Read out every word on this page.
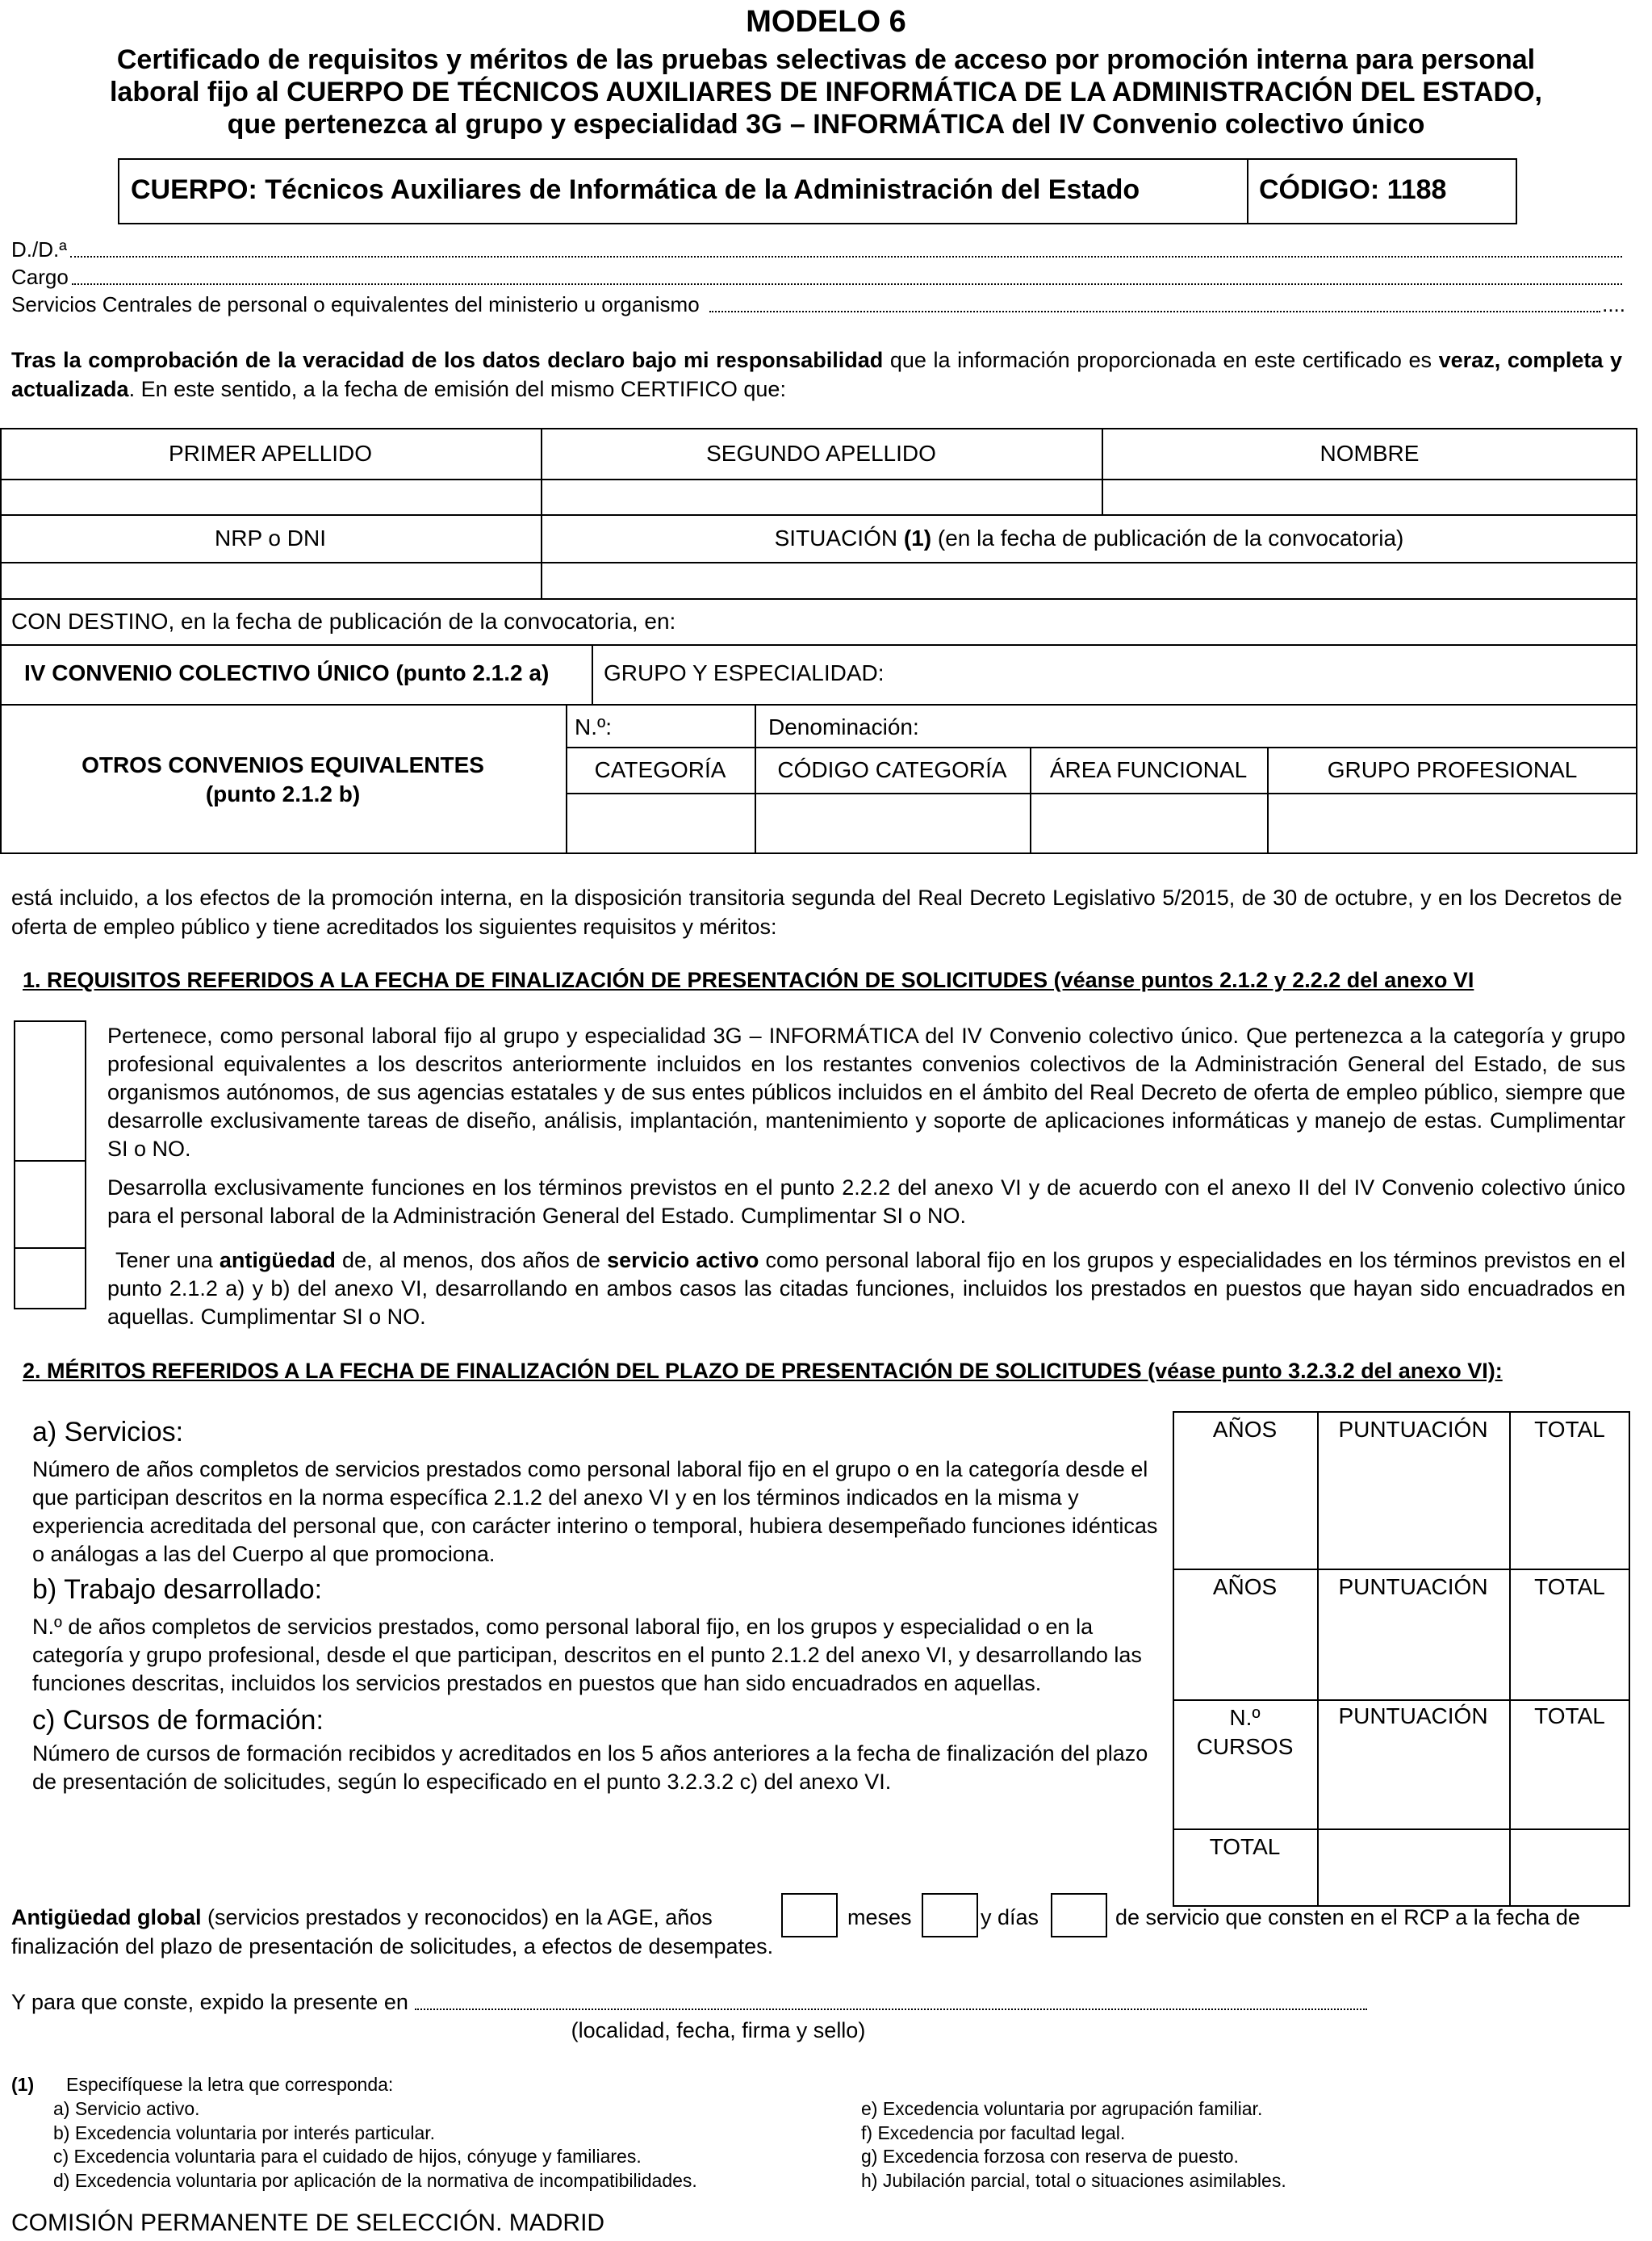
MODELO 6
Certificado de requisitos y méritos de las pruebas selectivas de acceso por promoción interna para personal
laboral fijo al CUERPO DE TÉCNICOS AUXILIARES DE INFORMÁTICA DE LA ADMINISTRACIÓN DEL ESTADO,
que pertenezca al grupo y especialidad 3G – INFORMÁTICA del IV Convenio colectivo único
CUERPO: Técnicos Auxiliares de Informática de la Administración del Estado	CÓDIGO: 1188
D./D.ª
Cargo
Servicios Centrales de personal o equivalentes del ministerio u organismo	....
Tras la comprobación de la veracidad de los datos declaro bajo mi responsabilidad que la información proporcionada en este certificado es veraz, completa y actualizada. En este sentido, a la fecha de emisión del mismo CERTIFICO que:
PRIMER APELLIDO	SEGUNDO APELLIDO	NOMBRE
NRP o DNI	SITUACIÓN (1) (en la fecha de publicación de la convocatoria)
CON DESTINO, en la fecha de publicación de la convocatoria, en:
IV CONVENIO COLECTIVO ÚNICO (punto 2.1.2 a) GRUPO Y ESPECIALIDAD:
OTROS CONVENIOS EQUIVALENTES
(punto 2.1.2 b)
N.º:	Denominación:
CATEGORÍA	CÓDIGO CATEGORÍA	ÁREA FUNCIONAL	GRUPO PROFESIONAL
está incluido, a los efectos de la promoción interna, en la disposición transitoria segunda del Real Decreto Legislativo 5/2015, de 30 de octubre, y en los Decretos de oferta de empleo público y tiene acreditados los siguientes requisitos y méritos:
1. REQUISITOS REFERIDOS A LA FECHA DE FINALIZACIÓN DE PRESENTACIÓN DE SOLICITUDES (véanse puntos 2.1.2 y 2.2.2 del anexo VI
Pertenece, como personal laboral fijo al grupo y especialidad 3G – INFORMÁTICA del IV Convenio colectivo único. Que pertenezca a la categoría y grupo profesional equivalentes a los descritos anteriormente incluidos en los restantes convenios colectivos de la Administración General del Estado, de sus organismos autónomos, de sus agencias estatales y de sus entes públicos incluidos en el ámbito del Real Decreto de oferta de empleo público, siempre que desarrolle exclusivamente tareas de diseño, análisis, implantación, mantenimiento y soporte de aplicaciones informáticas y manejo de estas. Cumplimentar SI o NO.
Desarrolla exclusivamente funciones en los términos previstos en el punto 2.2.2 del anexo VI y de acuerdo con el anexo II del IV Convenio colectivo único para el personal laboral de la Administración General del Estado. Cumplimentar SI o NO.
Tener una antigüedad de, al menos, dos años de servicio activo como personal laboral fijo en los grupos y especialidades en los términos previstos en el punto 2.1.2 a) y b) del anexo VI, desarrollando en ambos casos las citadas funciones, incluidos los prestados en puestos que hayan sido encuadrados en aquellas. Cumplimentar SI o NO.
2. MÉRITOS REFERIDOS A LA FECHA DE FINALIZACIÓN DEL PLAZO DE PRESENTACIÓN DE SOLICITUDES (véase punto 3.2.3.2 del anexo VI):
a) Servicios:
Número de años completos de servicios prestados como personal laboral fijo en el grupo o en la categoría desde el que participan descritos en la norma específica 2.1.2 del anexo VI y en los términos indicados en la misma y experiencia acreditada del personal que, con carácter interino o temporal, hubiera desempeñado funciones idénticas o análogas a las del Cuerpo al que promociona.
b) Trabajo desarrollado:
N.º de años completos de servicios prestados, como personal laboral fijo, en los grupos y especialidad o en la categoría y grupo profesional, desde el que participan, descritos en el punto 2.1.2 del anexo VI, y desarrollando las funciones descritas, incluidos los servicios prestados en puestos que han sido encuadrados en aquellas.
c) Cursos de formación:
Número de cursos de formación recibidos y acreditados en los 5 años anteriores a la fecha de finalización del plazo de presentación de solicitudes, según lo especificado en el punto 3.2.3.2 c) del anexo VI.
AÑOS	PUNTUACIÓN	TOTAL
AÑOS	PUNTUACIÓN	TOTAL
N.º
CURSOS
PUNTUACIÓN	TOTAL
TOTAL
Antigüedad global (servicios prestados y reconocidos) en la AGE, años	meses	y días	de servicio que consten en el RCP a la fecha de
finalización del plazo de presentación de solicitudes, a efectos de desempates.
Y para que conste, expido la presente en
(localidad, fecha, firma y sello)
(1) Especifíquese la letra que corresponda:
a) Servicio activo.
b) Excedencia voluntaria por interés particular.
c) Excedencia voluntaria para el cuidado de hijos, cónyuge y familiares.
d) Excedencia voluntaria por aplicación de la normativa de incompatibilidades.
e) Excedencia voluntaria por agrupación familiar.
f) Excedencia por facultad legal.
g) Excedencia forzosa con reserva de puesto.
h) Jubilación parcial, total o situaciones asimilables.
COMISIÓN PERMANENTE DE SELECCIÓN. MADRID
